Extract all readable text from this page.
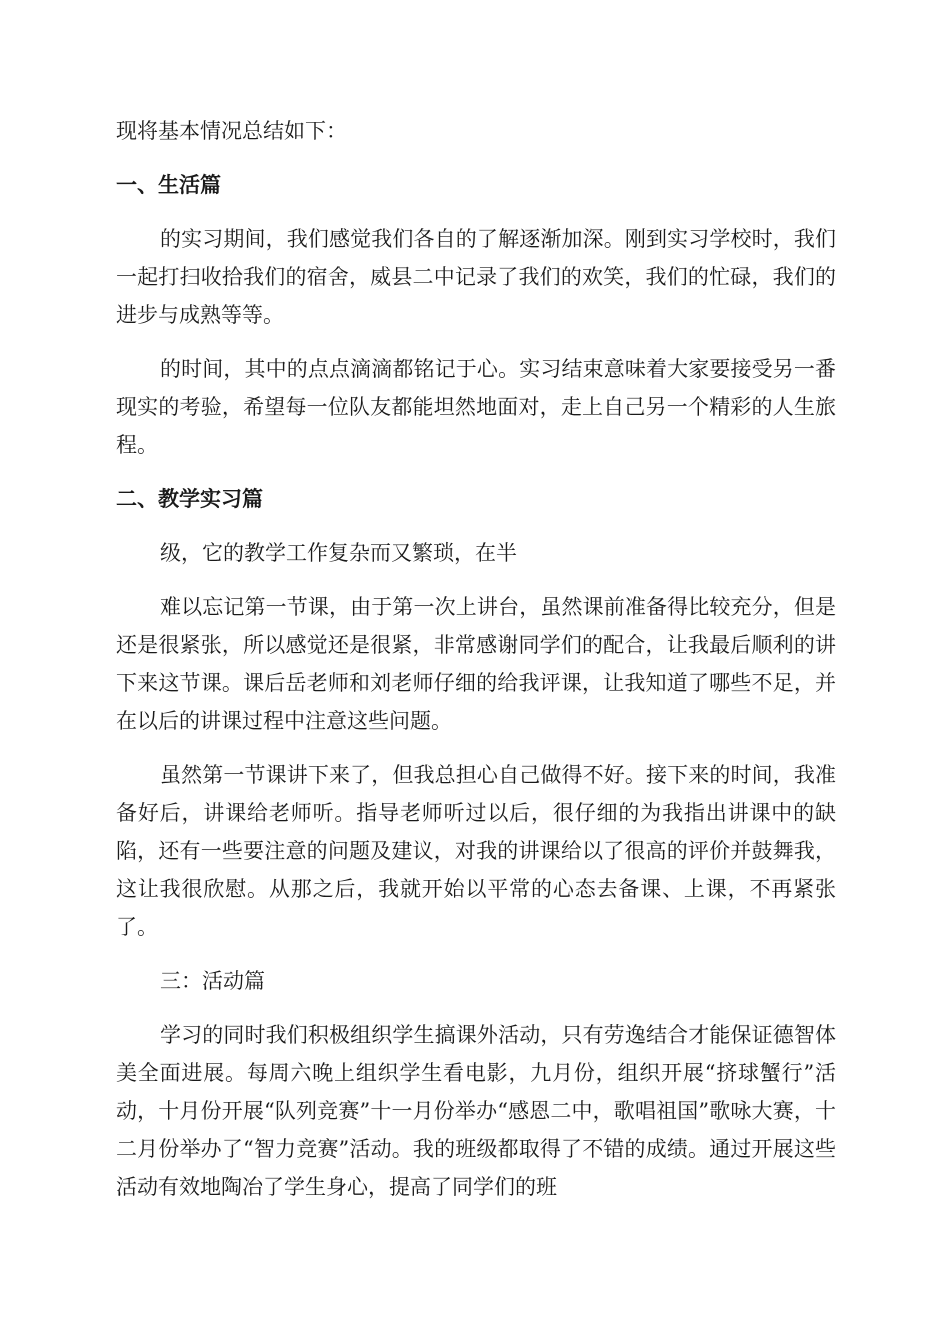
现将基本情况总结如下：

一、生活篇

的实习期间，我们感觉我们各自的了解逐渐加深。刚到实习学校时，我们一起打扫收拾我们的宿舍，威县二中记录了我们的欢笑，我们的忙碌，我们的进步与成熟等等。

的时间，其中的点点滴滴都铭记于心。实习结束意味着大家要接受另一番现实的考验，希望每一位队友都能坦然地面对，走上自己另一个精彩的人生旅程。

二、教学实习篇

级，它的教学工作复杂而又繁琐，在半

难以忘记第一节课，由于第一次上讲台，虽然课前准备得比较充分，但是还是很紧张，所以感觉还是很紧，非常感谢同学们的配合，让我最后顺利的讲下来这节课。课后岳老师和刘老师仔细的给我评课，让我知道了哪些不足，并在以后的讲课过程中注意这些问题。

虽然第一节课讲下来了，但我总担心自己做得不好。接下来的时间，我准备好后，讲课给老师听。指导老师听过以后，很仔细的为我指出讲课中的缺陷，还有一些要注意的问题及建议，对我的讲课给以了很高的评价并鼓舞我，这让我很欣慰。从那之后，我就开始以平常的心态去备课、上课，不再紧张了。

三：活动篇

学习的同时我们积极组织学生搞课外活动，只有劳逸结合才能保证德智体美全面进展。每周六晚上组织学生看电影，九月份，组织开展“挤球蟹行”活动，十月份开展“队列竞赛”十一月份举办“感恩二中，歌唱祖国”歌咏大赛，十二月份举办了“智力竞赛”活动。我的班级都取得了不错的成绩。通过开展这些活动有效地陶冶了学生身心，提高了同学们的班
